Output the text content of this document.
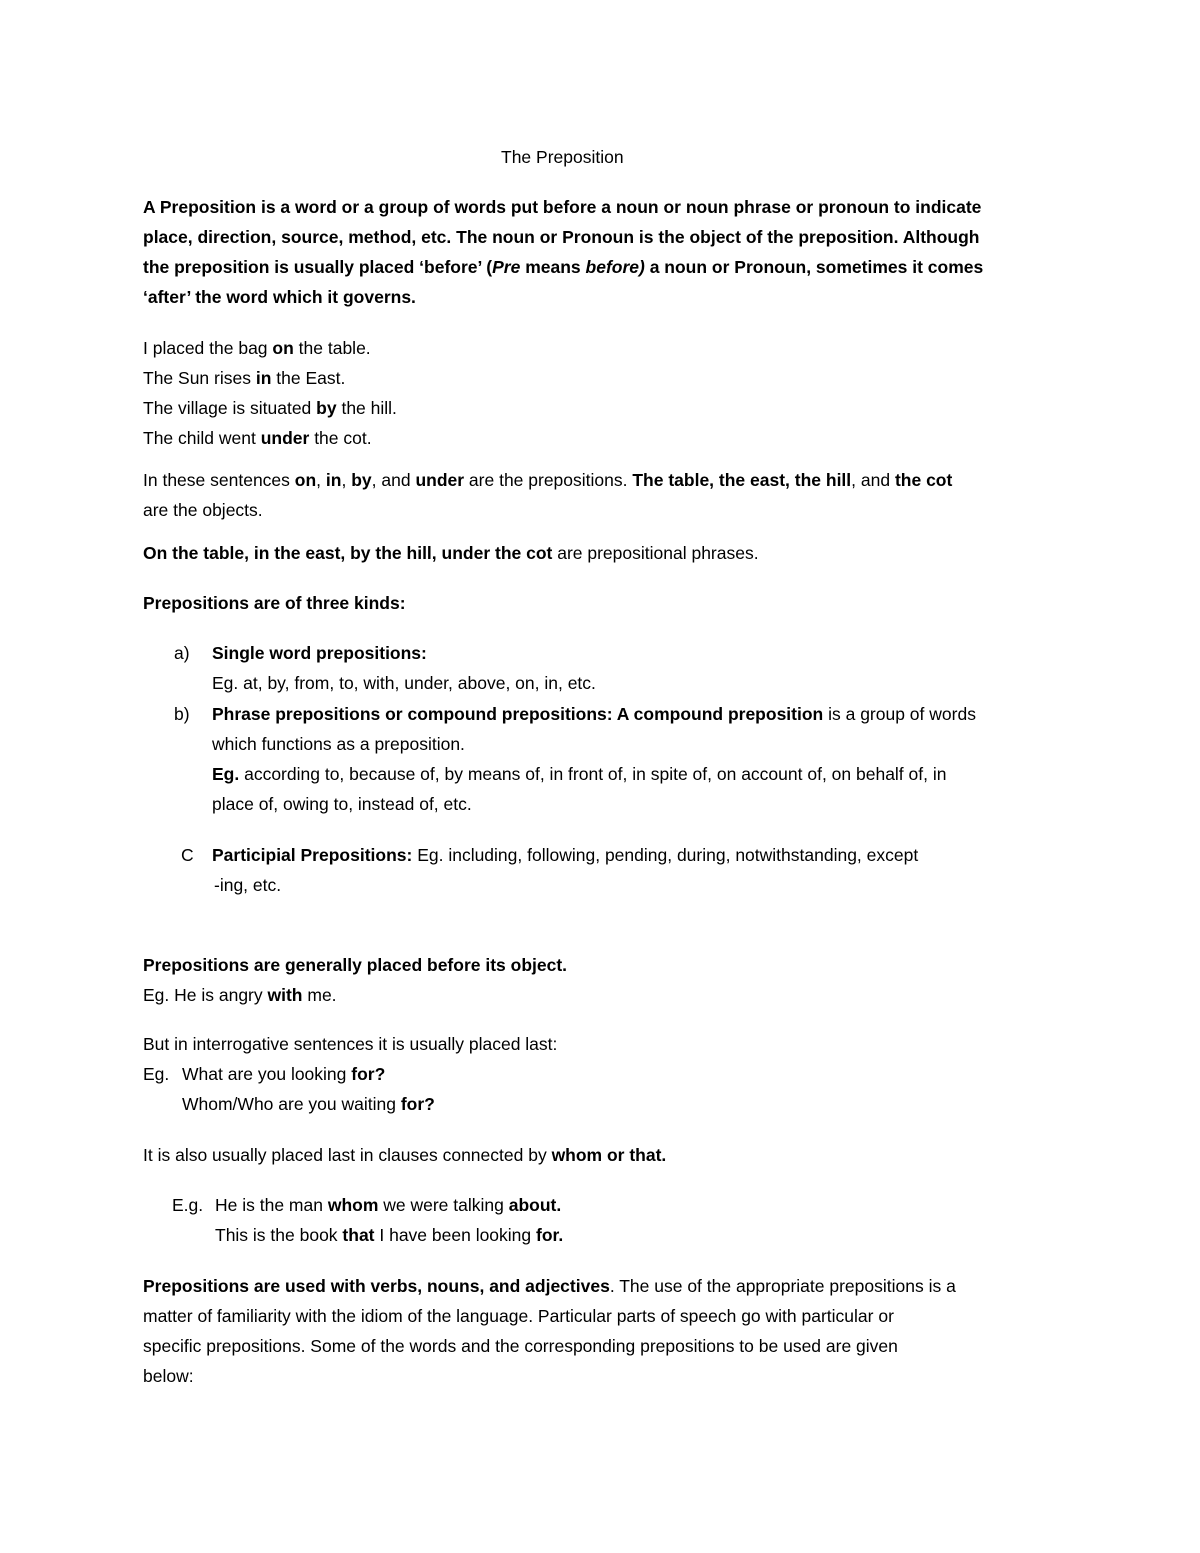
The Preposition
A Preposition is a word or a group of words put before a noun or noun phrase or pronoun to indicate
place, direction, source, method, etc. The noun or Pronoun is the object of the preposition. Although
the preposition is usually placed ‘before’ (Pre means before) a noun or Pronoun, sometimes it comes
‘after’ the word which it governs.
I placed the bag on the table.
The Sun rises in the East.
The village is situated by the hill.
The child went under the cot.
In these sentences on, in, by, and under are the prepositions. The table, the east, the hill, and the cot
are the objects.
On the table, in the east, by the hill, under the cot are prepositional phrases.
Prepositions are of three kinds:
a) Single word prepositions:
Eg. at, by, from, to, with, under, above, on, in, etc.
b) Phrase prepositions or compound prepositions: A compound preposition is a group of words
which functions as a preposition.
Eg. according to, because of, by means of, in front of, in spite of, on account of, on behalf of, in
place of, owing to, instead of, etc.
C Participial Prepositions: Eg. including, following, pending, during, notwithstanding, except
-ing, etc.
Prepositions are generally placed before its object.
Eg. He is angry with me.
But in interrogative sentences it is usually placed last:
Eg. What are you looking for?
Whom/Who are you waiting for?
It is also usually placed last in clauses connected by whom or that.
E.g. He is the man whom we were talking about.
This is the book that I have been looking for.
Prepositions are used with verbs, nouns, and adjectives. The use of the appropriate prepositions is a
matter of familiarity with the idiom of the language. Particular parts of speech go with particular or
specific prepositions. Some of the words and the corresponding prepositions to be used are given
below:
